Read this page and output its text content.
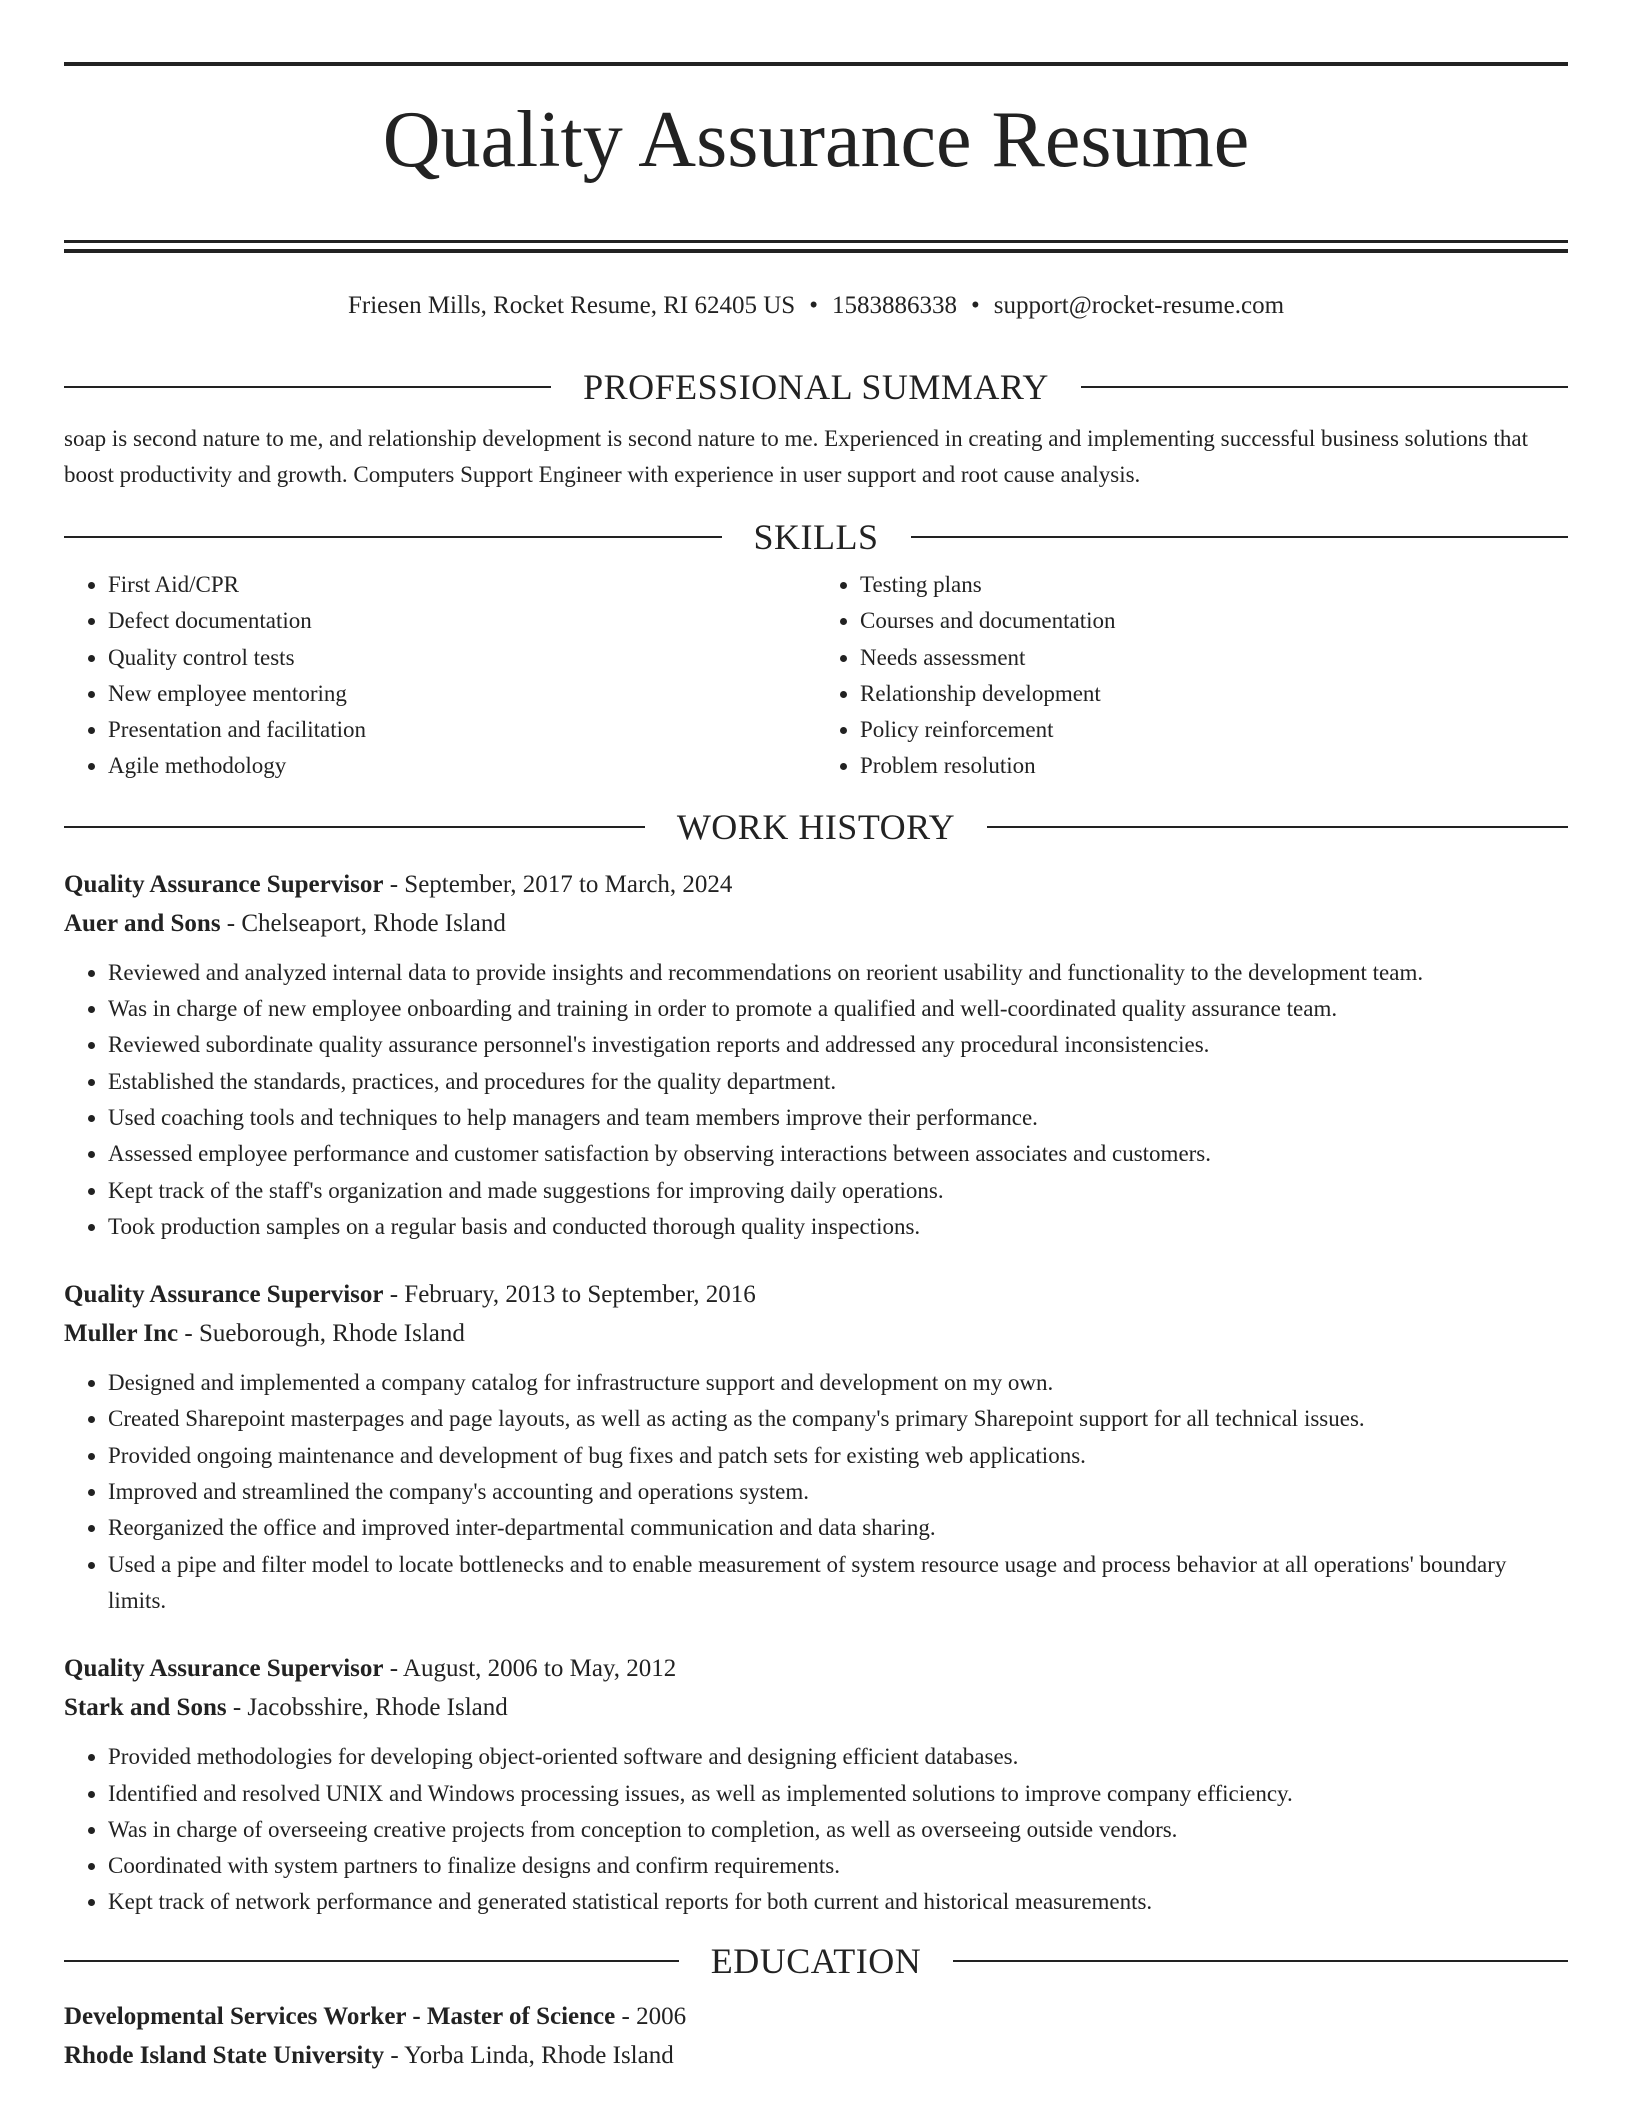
Quality Assurance Resume
Friesen Mills, Rocket Resume, RI 62405 US • 1583886338 • support@rocket-resume.com
PROFESSIONAL SUMMARY
soap is second nature to me, and relationship development is second nature to me. Experienced in creating and implementing successful business solutions that boost productivity and growth. Computers Support Engineer with experience in user support and root cause analysis.
SKILLS
• First Aid/CPR
• Defect documentation
• Quality control tests
• New employee mentoring
• Presentation and facilitation
• Agile methodology
• Testing plans
• Courses and documentation
• Needs assessment
• Relationship development
• Policy reinforcement
• Problem resolution
WORK HISTORY
Quality Assurance Supervisor - September, 2017 to March, 2024
Auer and Sons - Chelseaport, Rhode Island
• Reviewed and analyzed internal data to provide insights and recommendations on reorient usability and functionality to the development team.
• Was in charge of new employee onboarding and training in order to promote a qualified and well-coordinated quality assurance team.
• Reviewed subordinate quality assurance personnel's investigation reports and addressed any procedural inconsistencies.
• Established the standards, practices, and procedures for the quality department.
• Used coaching tools and techniques to help managers and team members improve their performance.
• Assessed employee performance and customer satisfaction by observing interactions between associates and customers.
• Kept track of the staff's organization and made suggestions for improving daily operations.
• Took production samples on a regular basis and conducted thorough quality inspections.
Quality Assurance Supervisor - February, 2013 to September, 2016
Muller Inc - Sueborough, Rhode Island
• Designed and implemented a company catalog for infrastructure support and development on my own.
• Created Sharepoint masterpages and page layouts, as well as acting as the company's primary Sharepoint support for all technical issues.
• Provided ongoing maintenance and development of bug fixes and patch sets for existing web applications.
• Improved and streamlined the company's accounting and operations system.
• Reorganized the office and improved inter-departmental communication and data sharing.
• Used a pipe and filter model to locate bottlenecks and to enable measurement of system resource usage and process behavior at all operations' boundary limits.
Quality Assurance Supervisor - August, 2006 to May, 2012
Stark and Sons - Jacobsshire, Rhode Island
• Provided methodologies for developing object-oriented software and designing efficient databases.
• Identified and resolved UNIX and Windows processing issues, as well as implemented solutions to improve company efficiency.
• Was in charge of overseeing creative projects from conception to completion, as well as overseeing outside vendors.
• Coordinated with system partners to finalize designs and confirm requirements.
• Kept track of network performance and generated statistical reports for both current and historical measurements.
EDUCATION
Developmental Services Worker - Master of Science - 2006
Rhode Island State University - Yorba Linda, Rhode Island
